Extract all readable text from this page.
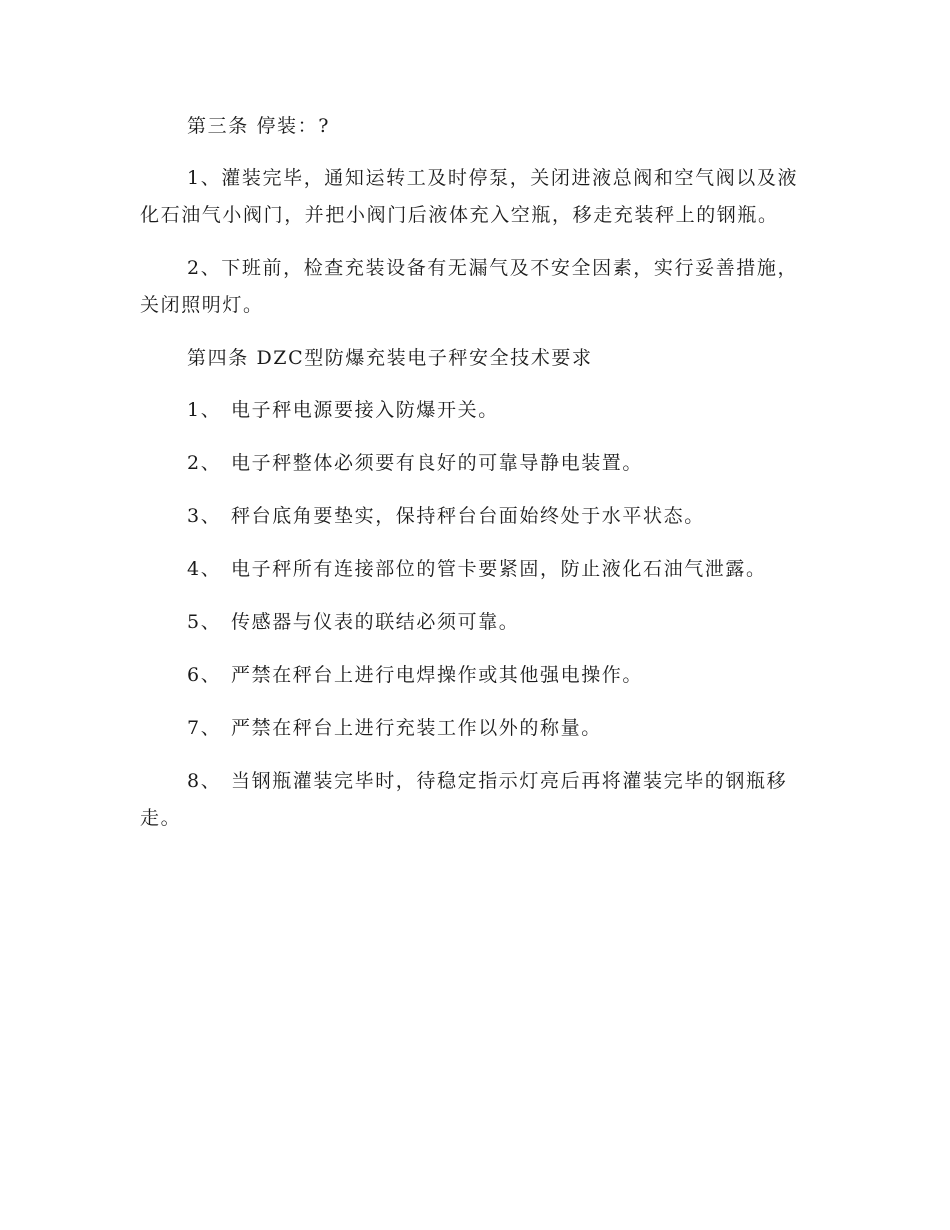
第三条 停装：?

1、灌装完毕，通知运转工及时停泵，关闭进液总阀和空气阀以及液化石油气小阀门，并把小阀门后液体充入空瓶，移走充装秤上的钢瓶。

2、下班前，检查充装设备有无漏气及不安全因素，实行妥善措施，关闭照明灯。

第四条 DZC型防爆充装电子秤安全技术要求

1、 电子秤电源要接入防爆开关。

2、 电子秤整体必须要有良好的可靠导静电装置。

3、 秤台底角要垫实，保持秤台台面始终处于水平状态。

4、 电子秤所有连接部位的管卡要紧固，防止液化石油气泄露。

5、 传感器与仪表的联结必须可靠。

6、 严禁在秤台上进行电焊操作或其他强电操作。

7、 严禁在秤台上进行充装工作以外的称量。

8、 当钢瓶灌装完毕时，待稳定指示灯亮后再将灌装完毕的钢瓶移走。
